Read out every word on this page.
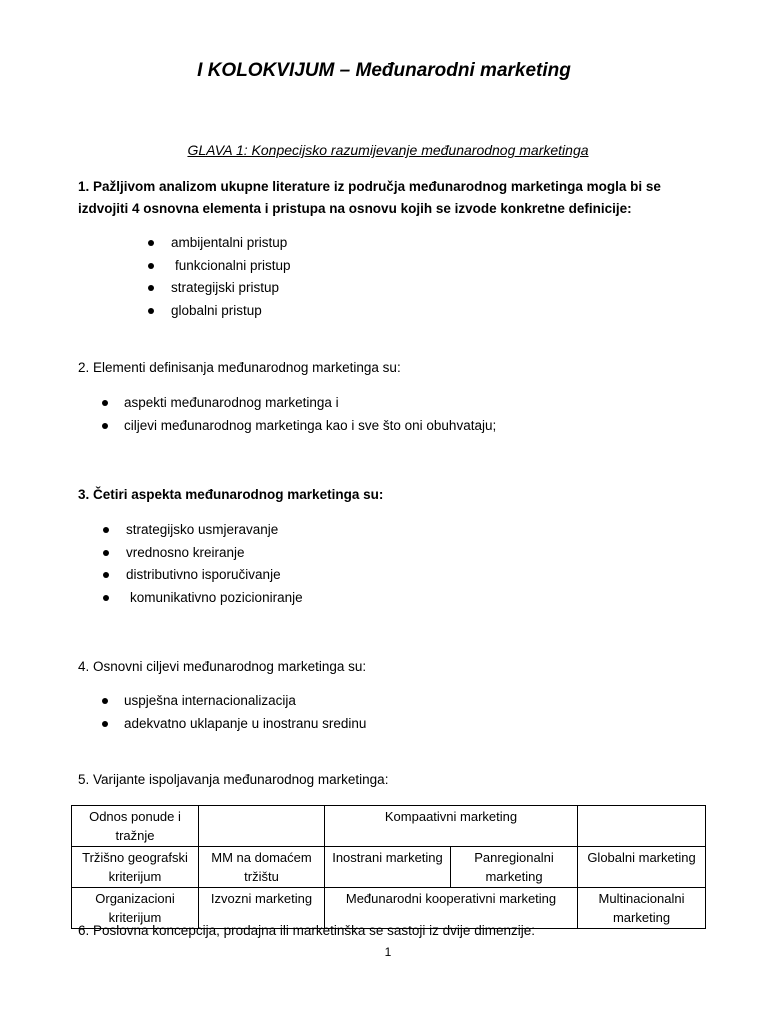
I KOLOKVIJUM – Međunarodni marketing

GLAVA 1: Konpecijsko razumijevanje međunarodnog marketinga

1. Pažljivom analizom ukupne literature iz područja međunarodnog marketinga mogla bi se izdvojiti 4 osnovna elementa i pristupa na osnovu kojih se izvode konkretne definicije:

ambijentalni pristup
funkcionalni pristup
strategijski pristup
globalni pristup

2. Elementi definisanja međunarodnog marketinga su:

aspekti međunarodnog marketinga i
ciljevi međunarodnog marketinga kao i sve što oni obuhvataju;

3. Četiri aspekta međunarodnog marketinga su:

strategijsko usmjeravanje
vrednosno kreiranje
distributivno isporučivanje
komunikativno pozicioniranje

4. Osnovni ciljevi međunarodnog marketinga su:

uspješna internacionalizacija
adekvatno uklapanje u inostranu sredinu

5. Varijante ispoljavanja međunarodnog marketinga:

Odnos ponude i tražnje		Kompaativni marketing		
Tržišno geografski kriterijum	MM na domaćem tržištu	Inostrani marketing	Panregionalni marketing	Globalni marketing
Organizacioni kriterijum	Izvozni marketing	Međunarodni kooperativni marketing		Multinacionalni marketing

6. Poslovna koncepcija, prodajna ili marketinška se sastoji iz dvije dimenzije:

1
